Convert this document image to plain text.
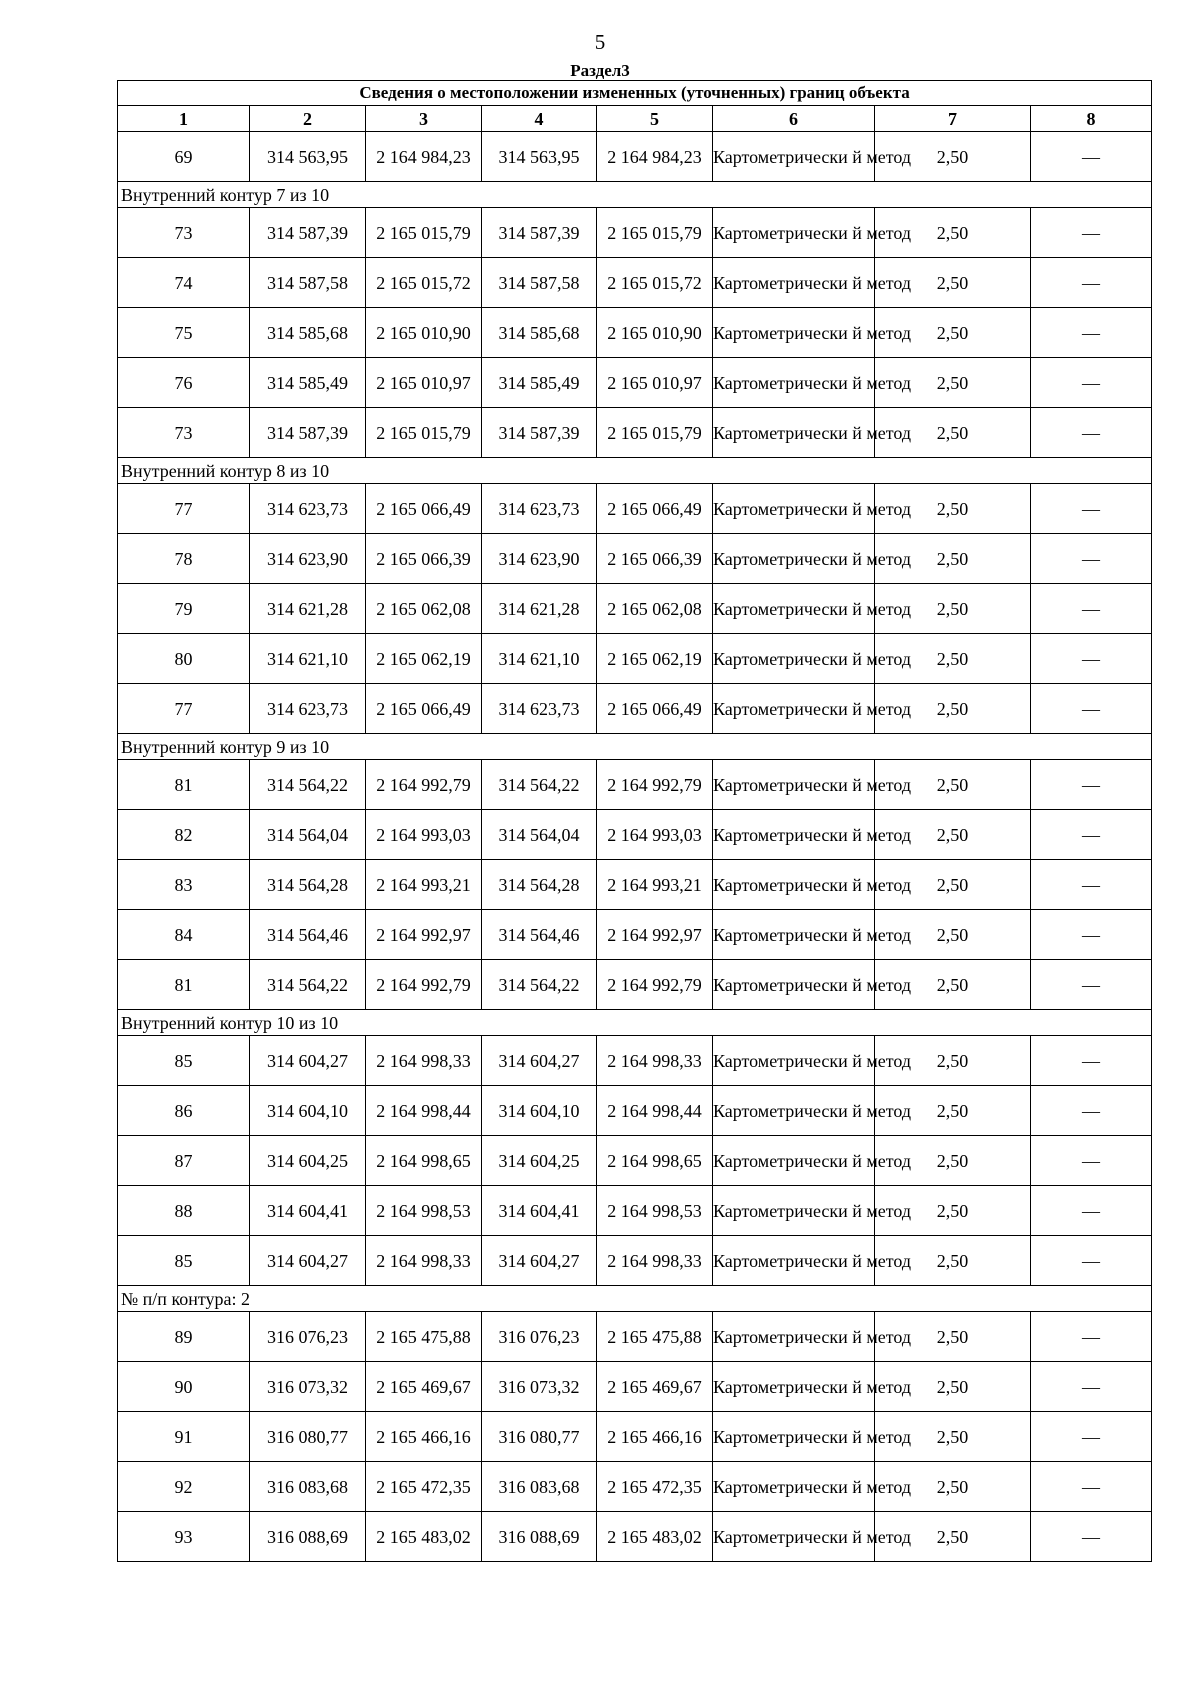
5
Раздел3
Сведения о местоположении измененных (уточненных) границ объекта							
1	2	3	4	5	6	7	8
69	314 563,95	2 164 984,23	314 563,95	2 164 984,23	Картометрически й метод	2,50	—
Внутренний контур 7 из 10							
73	314 587,39	2 165 015,79	314 587,39	2 165 015,79	Картометрически й метод	2,50	—
74	314 587,58	2 165 015,72	314 587,58	2 165 015,72	Картометрически й метод	2,50	—
75	314 585,68	2 165 010,90	314 585,68	2 165 010,90	Картометрически й метод	2,50	—
76	314 585,49	2 165 010,97	314 585,49	2 165 010,97	Картометрически й метод	2,50	—
73	314 587,39	2 165 015,79	314 587,39	2 165 015,79	Картометрически й метод	2,50	—
Внутренний контур 8 из 10							
77	314 623,73	2 165 066,49	314 623,73	2 165 066,49	Картометрически й метод	2,50	—
78	314 623,90	2 165 066,39	314 623,90	2 165 066,39	Картометрически й метод	2,50	—
79	314 621,28	2 165 062,08	314 621,28	2 165 062,08	Картометрически й метод	2,50	—
80	314 621,10	2 165 062,19	314 621,10	2 165 062,19	Картометрически й метод	2,50	—
77	314 623,73	2 165 066,49	314 623,73	2 165 066,49	Картометрически й метод	2,50	—
Внутренний контур 9 из 10							
81	314 564,22	2 164 992,79	314 564,22	2 164 992,79	Картометрически й метод	2,50	—
82	314 564,04	2 164 993,03	314 564,04	2 164 993,03	Картометрически й метод	2,50	—
83	314 564,28	2 164 993,21	314 564,28	2 164 993,21	Картометрически й метод	2,50	—
84	314 564,46	2 164 992,97	314 564,46	2 164 992,97	Картометрически й метод	2,50	—
81	314 564,22	2 164 992,79	314 564,22	2 164 992,79	Картометрически й метод	2,50	—
Внутренний контур 10 из 10							
85	314 604,27	2 164 998,33	314 604,27	2 164 998,33	Картометрически й метод	2,50	—
86	314 604,10	2 164 998,44	314 604,10	2 164 998,44	Картометрически й метод	2,50	—
87	314 604,25	2 164 998,65	314 604,25	2 164 998,65	Картометрически й метод	2,50	—
88	314 604,41	2 164 998,53	314 604,41	2 164 998,53	Картометрически й метод	2,50	—
85	314 604,27	2 164 998,33	314 604,27	2 164 998,33	Картометрически й метод	2,50	—
№ п/п контура: 2							
89	316 076,23	2 165 475,88	316 076,23	2 165 475,88	Картометрически й метод	2,50	—
90	316 073,32	2 165 469,67	316 073,32	2 165 469,67	Картометрически й метод	2,50	—
91	316 080,77	2 165 466,16	316 080,77	2 165 466,16	Картометрически й метод	2,50	—
92	316 083,68	2 165 472,35	316 083,68	2 165 472,35	Картометрически й метод	2,50	—
93	316 088,69	2 165 483,02	316 088,69	2 165 483,02	Картометрически й метод	2,50	—
